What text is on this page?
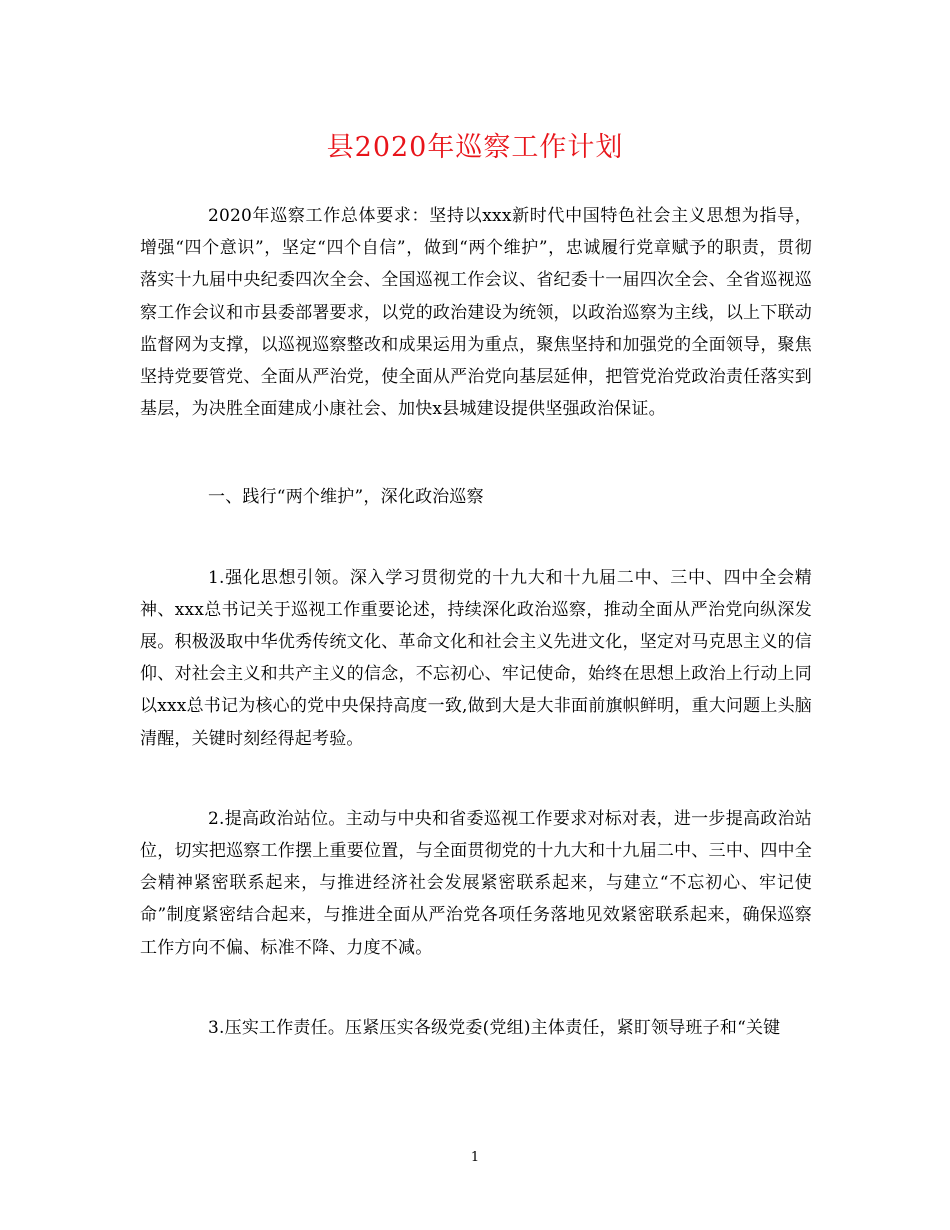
县2020年巡察工作计划

2020年巡察工作总体要求：坚持以xxx新时代中国特色社会主义思想为指导，增强“四个意识”，坚定“四个自信”，做到“两个维护”，忠诚履行党章赋予的职责，贯彻落实十九届中央纪委四次全会、全国巡视工作会议、省纪委十一届四次全会、全省巡视巡察工作会议和市县委部署要求，以党的政治建设为统领，以政治巡察为主线，以上下联动监督网为支撑，以巡视巡察整改和成果运用为重点，聚焦坚持和加强党的全面领导，聚焦坚持党要管党、全面从严治党，使全面从严治党向基层延伸，把管党治党政治责任落实到基层，为决胜全面建成小康社会、加快x县城建设提供坚强政治保证。

一、践行“两个维护”，深化政治巡察

1.强化思想引领。深入学习贯彻党的十九大和十九届二中、三中、四中全会精神、xxx总书记关于巡视工作重要论述，持续深化政治巡察，推动全面从严治党向纵深发展。积极汲取中华优秀传统文化、革命文化和社会主义先进文化，坚定对马克思主义的信仰、对社会主义和共产主义的信念，不忘初心、牢记使命，始终在思想上政治上行动上同以xxx总书记为核心的党中央保持高度一致,做到大是大非面前旗帜鲜明，重大问题上头脑清醒，关键时刻经得起考验。

2.提高政治站位。主动与中央和省委巡视工作要求对标对表，进一步提高政治站位，切实把巡察工作摆上重要位置，与全面贯彻党的十九大和十九届二中、三中、四中全会精神紧密联系起来，与推进经济社会发展紧密联系起来，与建立“不忘初心、牢记使命”制度紧密结合起来，与推进全面从严治党各项任务落地见效紧密联系起来，确保巡察工作方向不偏、标准不降、力度不减。

3.压实工作责任。压紧压实各级党委(党组)主体责任，紧盯领导班子和“关键

1
